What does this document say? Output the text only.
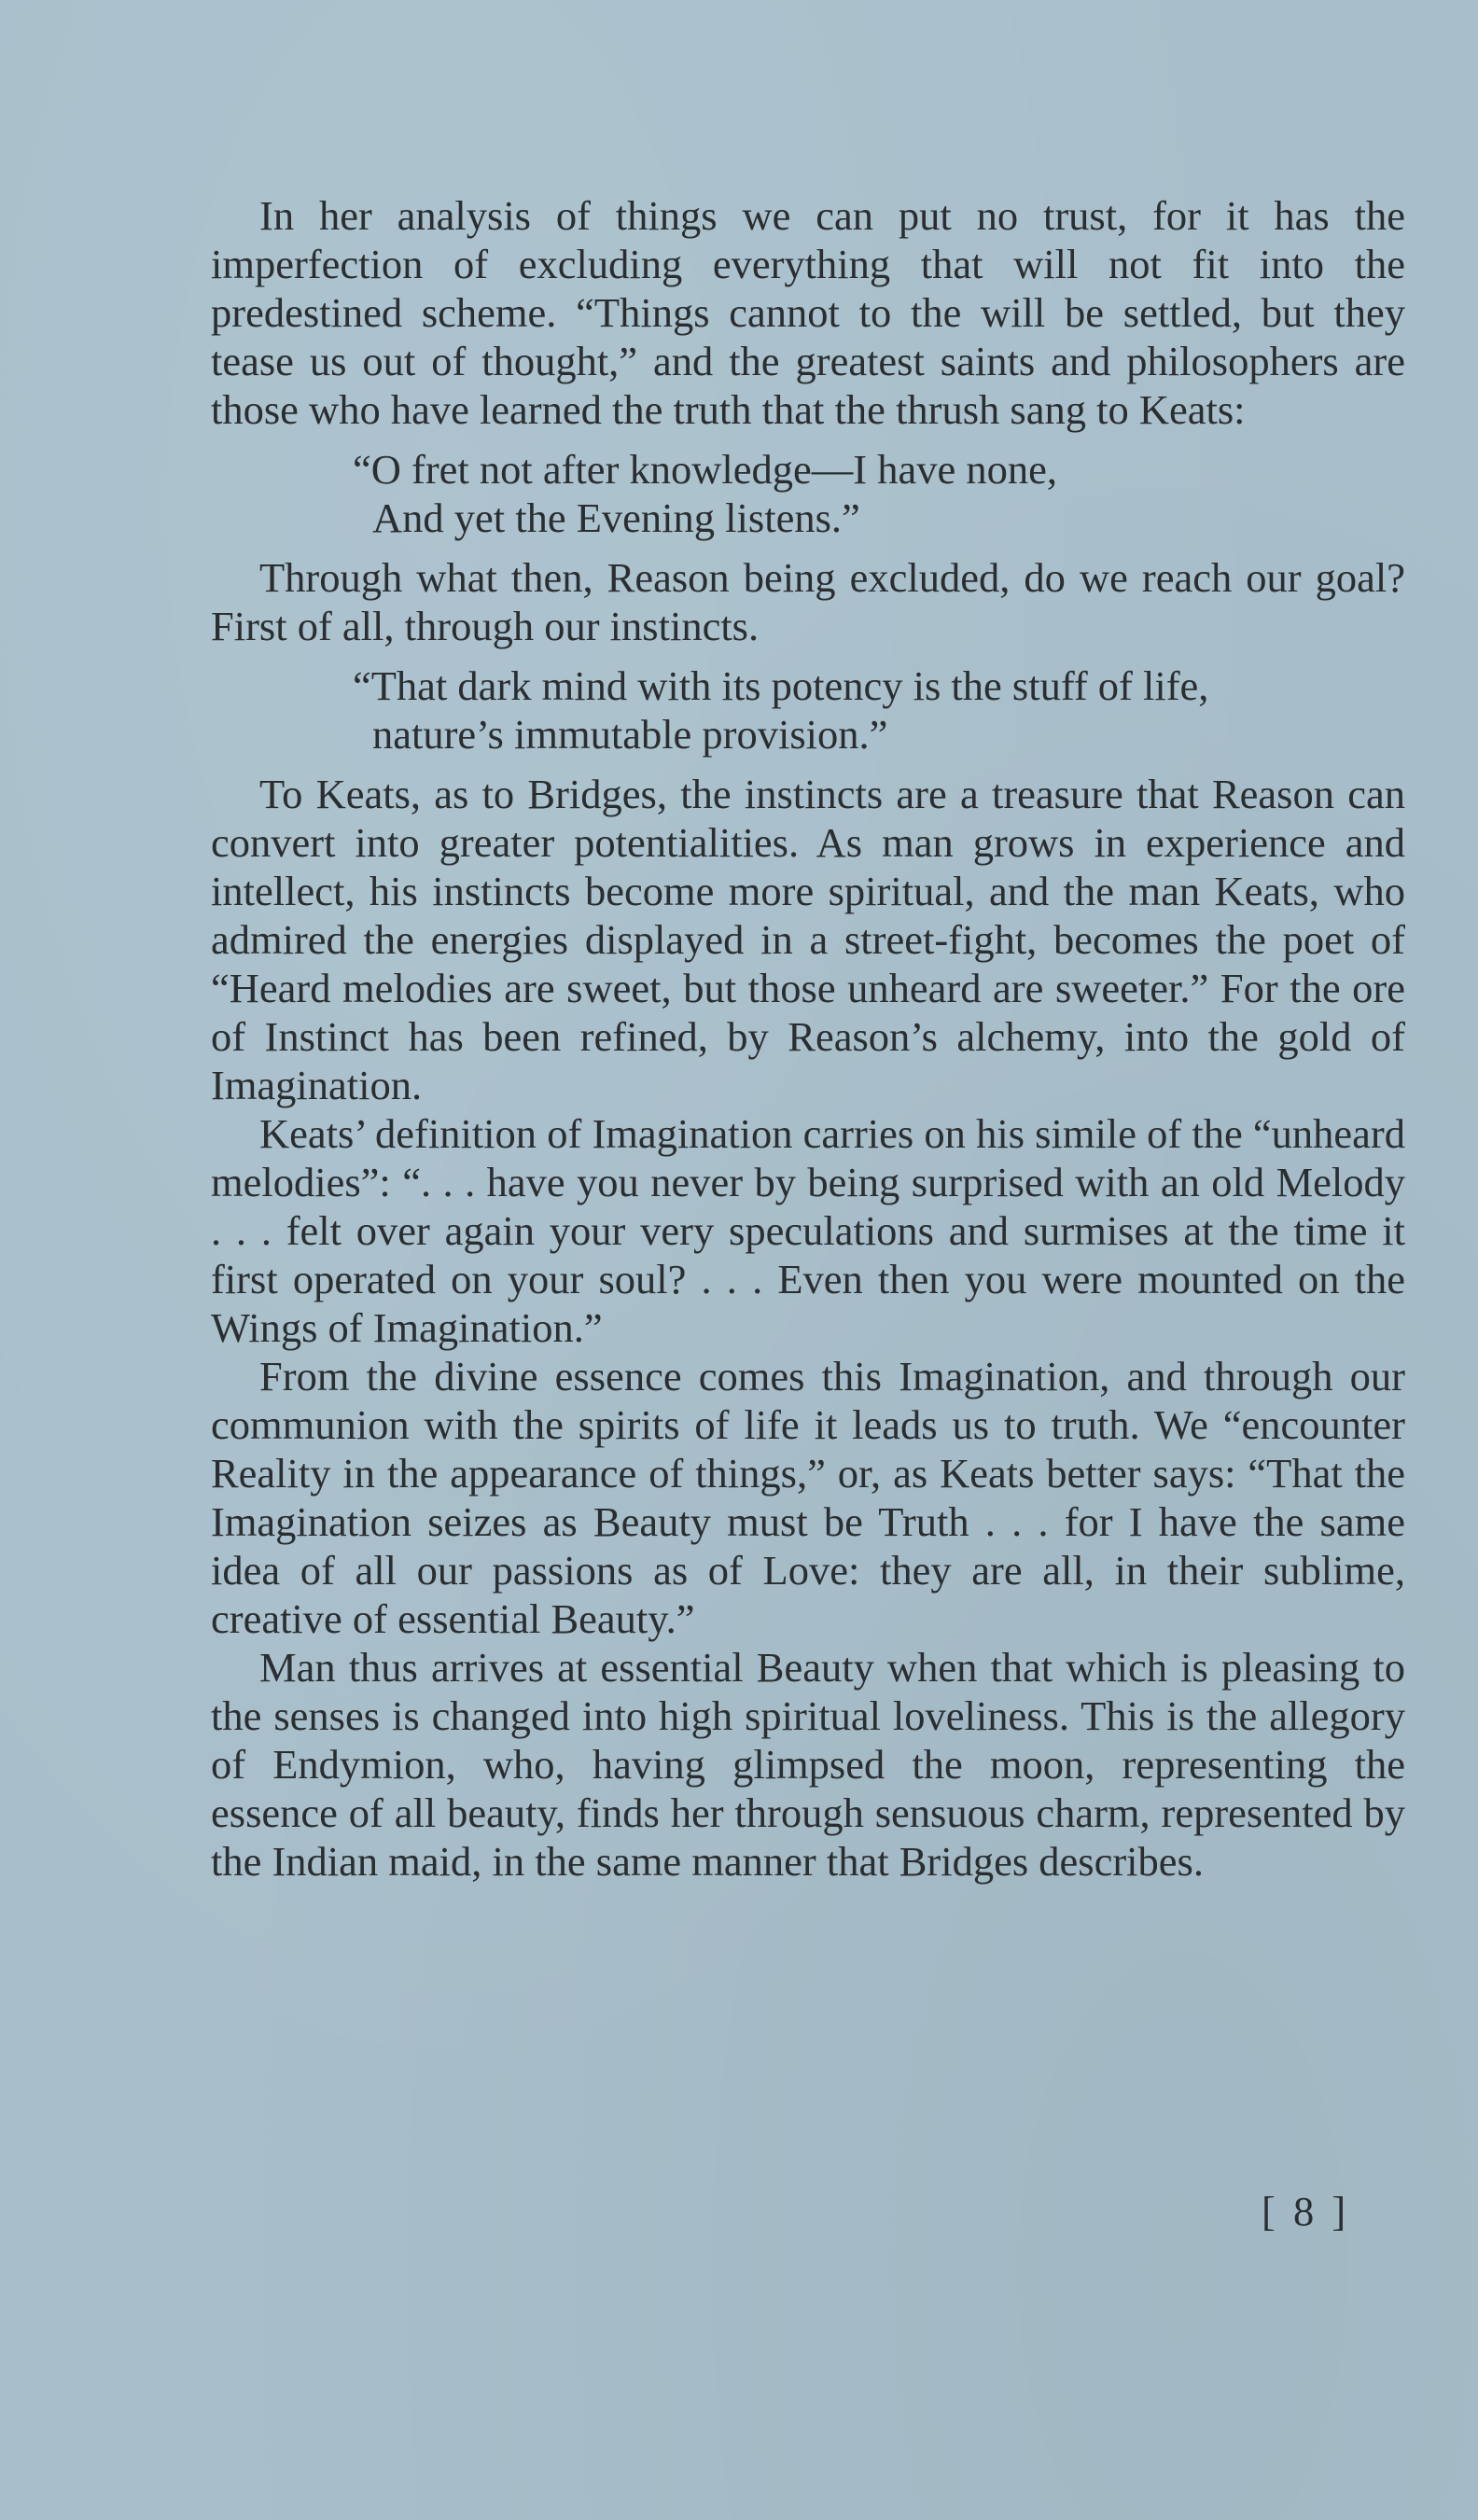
In her analysis of things we can put no trust, for it has the imperfection of excluding everything that will not fit into the predestined scheme. “Things cannot to the will be settled, but they tease us out of thought,” and the greatest saints and philosophers are those who have learned the truth that the thrush sang to Keats:

“O fret not after knowledge—I have none,
And yet the Evening listens.”

Through what then, Reason being excluded, do we reach our goal? First of all, through our instincts.

“That dark mind with its potency is the stuff of life,
nature’s immutable provision.”

To Keats, as to Bridges, the instincts are a treasure that Reason can convert into greater potentialities. As man grows in experience and intellect, his instincts become more spiritual, and the man Keats, who admired the energies displayed in a street-fight, becomes the poet of “Heard melodies are sweet, but those unheard are sweeter.” For the ore of Instinct has been refined, by Reason’s alchemy, into the gold of Imagination.

Keats’ definition of Imagination carries on his simile of the “unheard melodies”: “. . . have you never by being surprised with an old Melody . . . felt over again your very speculations and surmises at the time it first operated on your soul? . . . Even then you were mounted on the Wings of Imagination.”

From the divine essence comes this Imagination, and through our communion with the spirits of life it leads us to truth. We “encounter Reality in the appearance of things,” or, as Keats better says: “That the Imagination seizes as Beauty must be Truth . . . for I have the same idea of all our passions as of Love: they are all, in their sublime, creative of essential Beauty.”

Man thus arrives at essential Beauty when that which is pleasing to the senses is changed into high spiritual loveliness. This is the allegory of Endymion, who, having glimpsed the moon, representing the essence of all beauty, finds her through sensuous charm, represented by the Indian maid, in the same manner that Bridges describes.

[ 8 ]
